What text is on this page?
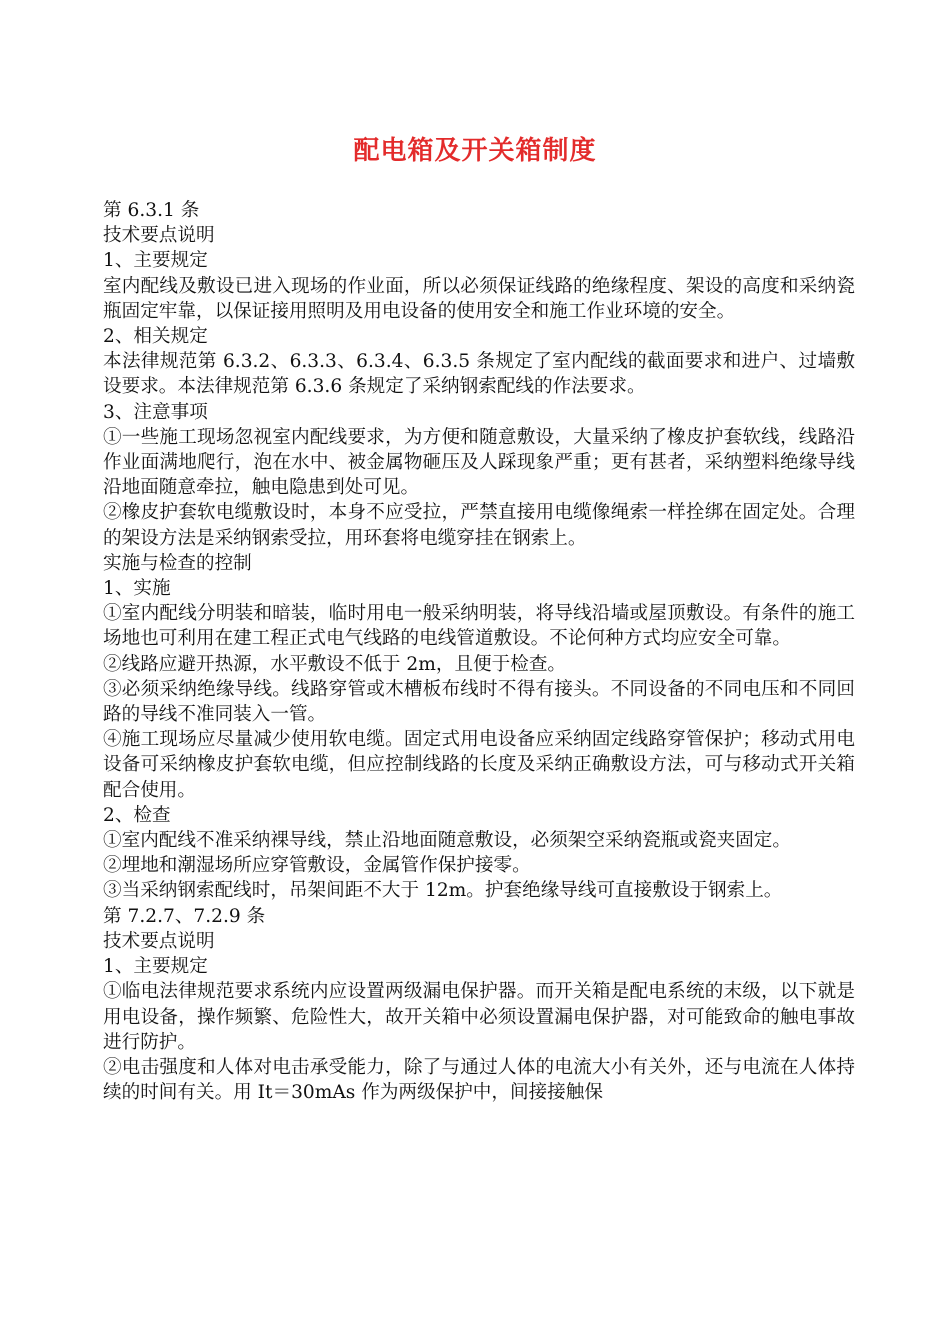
配电箱及开关箱制度

第 6.3.1 条

技术要点说明

1、主要规定

室内配线及敷设已进入现场的作业面，所以必须保证线路的绝缘程度、架设的高度和采纳瓷瓶固定牢靠，以保证接用照明及用电设备的使用安全和施工作业环境的安全。

2、相关规定

本法律规范第 6.3.2、6.3.3、6.3.4、6.3.5 条规定了室内配线的截面要求和进户、过墙敷设要求。本法律规范第 6.3.6 条规定了采纳钢索配线的作法要求。

3、注意事项

①一些施工现场忽视室内配线要求，为方便和随意敷设，大量采纳了橡皮护套软线，线路沿作业面满地爬行，泡在水中、被金属物砸压及人踩现象严重；更有甚者，采纳塑料绝缘导线沿地面随意牵拉，触电隐患到处可见。

②橡皮护套软电缆敷设时，本身不应受拉，严禁直接用电缆像绳索一样拴绑在固定处。合理的架设方法是采纳钢索受拉，用环套将电缆穿挂在钢索上。

实施与检查的控制

1、实施

①室内配线分明装和暗装，临时用电一般采纳明装，将导线沿墙或屋顶敷设。有条件的施工场地也可利用在建工程正式电气线路的电线管道敷设。不论何种方式均应安全可靠。

②线路应避开热源，水平敷设不低于 2m，且便于检查。

③必须采纳绝缘导线。线路穿管或木槽板布线时不得有接头。不同设备的不同电压和不同回路的导线不准同装入一管。

④施工现场应尽量减少使用软电缆。固定式用电设备应采纳固定线路穿管保护；移动式用电设备可采纳橡皮护套软电缆，但应控制线路的长度及采纳正确敷设方法，可与移动式开关箱配合使用。

2、检查

①室内配线不准采纳裸导线，禁止沿地面随意敷设，必须架空采纳瓷瓶或瓷夹固定。

②埋地和潮湿场所应穿管敷设，金属管作保护接零。

③当采纳钢索配线时，吊架间距不大于 12m。护套绝缘导线可直接敷设于钢索上。

第 7.2.7、7.2.9 条

技术要点说明

1、主要规定

①临电法律规范要求系统内应设置两级漏电保护器。而开关箱是配电系统的末级，以下就是用电设备，操作频繁、危险性大，故开关箱中必须设置漏电保护器，对可能致命的触电事故进行防护。

②电击强度和人体对电击承受能力，除了与通过人体的电流大小有关外，还与电流在人体持续的时间有关。用 It＝30mAs 作为两级保护中，间接接触保
